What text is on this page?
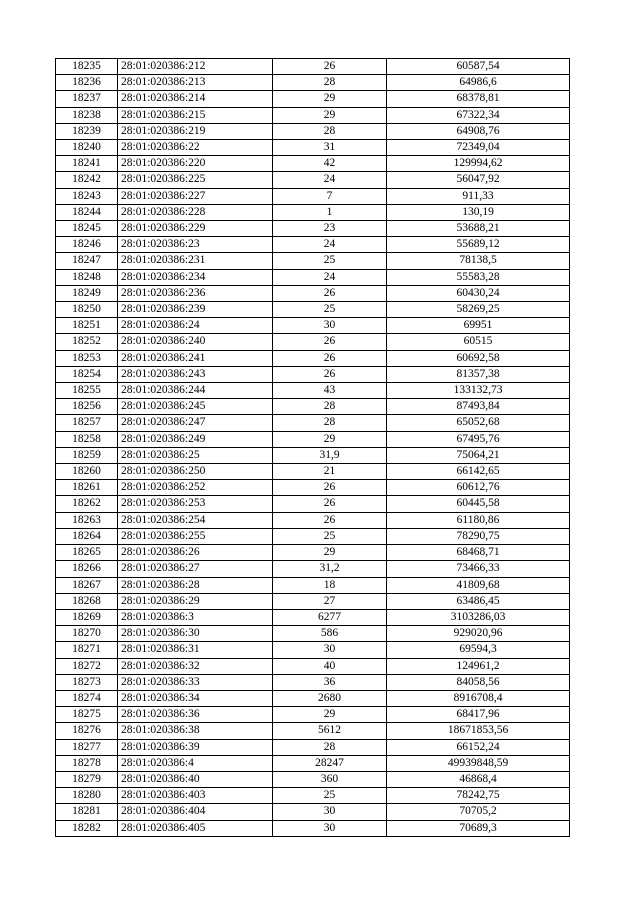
18235	28:01:020386:212	26	60587,54
18236	28:01:020386:213	28	64986,6
18237	28:01:020386:214	29	68378,81
18238	28:01:020386:215	29	67322,34
18239	28:01:020386:219	28	64908,76
18240	28:01:020386:22	31	72349,04
18241	28:01:020386:220	42	129994,62
18242	28:01:020386:225	24	56047,92
18243	28:01:020386:227	7	911,33
18244	28:01:020386:228	1	130,19
18245	28:01:020386:229	23	53688,21
18246	28:01:020386:23	24	55689,12
18247	28:01:020386:231	25	78138,5
18248	28:01:020386:234	24	55583,28
18249	28:01:020386:236	26	60430,24
18250	28:01:020386:239	25	58269,25
18251	28:01:020386:24	30	69951
18252	28:01:020386:240	26	60515
18253	28:01:020386:241	26	60692,58
18254	28:01:020386:243	26	81357,38
18255	28:01:020386:244	43	133132,73
18256	28:01:020386:245	28	87493,84
18257	28:01:020386:247	28	65052,68
18258	28:01:020386:249	29	67495,76
18259	28:01:020386:25	31,9	75064,21
18260	28:01:020386:250	21	66142,65
18261	28:01:020386:252	26	60612,76
18262	28:01:020386:253	26	60445,58
18263	28:01:020386:254	26	61180,86
18264	28:01:020386:255	25	78290,75
18265	28:01:020386:26	29	68468,71
18266	28:01:020386:27	31,2	73466,33
18267	28:01:020386:28	18	41809,68
18268	28:01:020386:29	27	63486,45
18269	28:01:020386:3	6277	3103286,03
18270	28:01:020386:30	586	929020,96
18271	28:01:020386:31	30	69594,3
18272	28:01:020386:32	40	124961,2
18273	28:01:020386:33	36	84058,56
18274	28:01:020386:34	2680	8916708,4
18275	28:01:020386:36	29	68417,96
18276	28:01:020386:38	5612	18671853,56
18277	28:01:020386:39	28	66152,24
18278	28:01:020386:4	28247	49939848,59
18279	28:01:020386:40	360	46868,4
18280	28:01:020386:403	25	78242,75
18281	28:01:020386:404	30	70705,2
18282	28:01:020386:405	30	70689,3
